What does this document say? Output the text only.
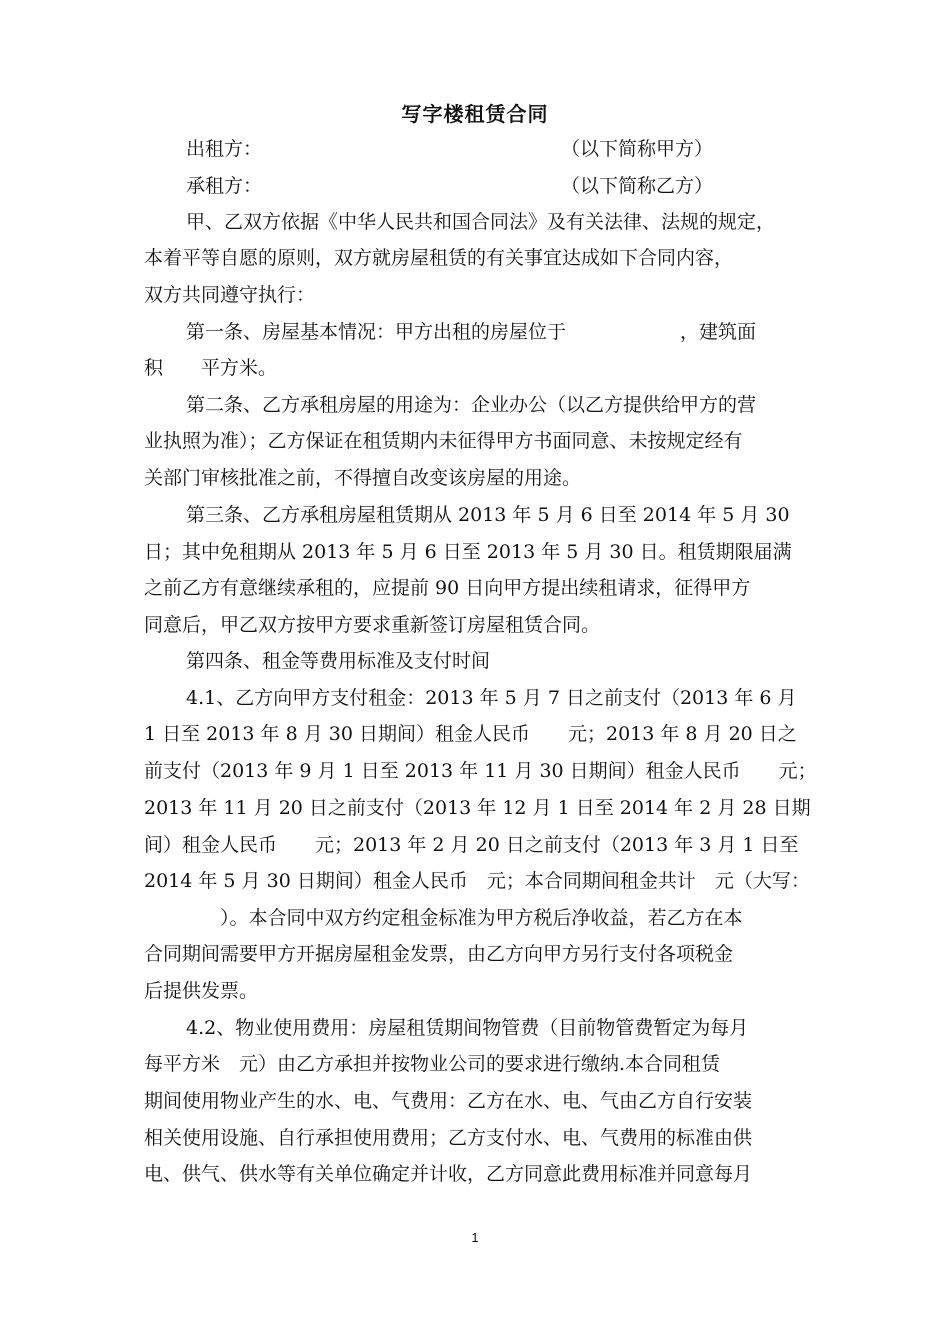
写字楼租赁合同
出租方：	（以下简称甲方）
承租方：	（以下简称乙方）
甲、乙双方依据《中华人民共和国合同法》及有关法律、法规的规定，
本着平等自愿的原则，双方就房屋租赁的有关事宜达成如下合同内容，
双方共同遵守执行：
第一条、房屋基本情况：甲方出租的房屋位于　　　　　　，建筑面
积　　平方米。
第二条、乙方承租房屋的用途为：企业办公（以乙方提供给甲方的营
业执照为准）；乙方保证在租赁期内未征得甲方书面同意、未按规定经有
关部门审核批准之前，不得擅自改变该房屋的用途。
第三条、乙方承租房屋租赁期从 2013 年 5 月 6 日至 2014 年 5 月 30
日；其中免租期从 2013 年 5 月 6 日至 2013 年 5 月 30 日。租赁期限届满
之前乙方有意继续承租的，应提前 90 日向甲方提出续租请求，征得甲方
同意后，甲乙双方按甲方要求重新签订房屋租赁合同。
第四条、租金等费用标准及支付时间
4.1、乙方向甲方支付租金：2013 年 5 月 7 日之前支付（2013 年 6 月
1 日至 2013 年 8 月 30 日期间）租金人民币　　元；2013 年 8 月 20 日之
前支付（2013 年 9 月 1 日至 2013 年 11 月 30 日期间）租金人民币　　元；
2013 年 11 月 20 日之前支付（2013 年 12 月 1 日至 2014 年 2 月 28 日期
间）租金人民币　　元；2013 年 2 月 20 日之前支付（2013 年 3 月 1 日至
2014 年 5 月 30 日期间）租金人民币　元；本合同期间租金共计　元（大写：
　　　　）。本合同中双方约定租金标准为甲方税后净收益，若乙方在本
合同期间需要甲方开据房屋租金发票，由乙方向甲方另行支付各项税金
后提供发票。
4.2、物业使用费用：房屋租赁期间物管费（目前物管费暂定为每月
每平方米　元）由乙方承担并按物业公司的要求进行缴纳.本合同租赁
期间使用物业产生的水、电、气费用：乙方在水、电、气由乙方自行安装
相关使用设施、自行承担使用费用；乙方支付水、电、气费用的标准由供
电、供气、供水等有关单位确定并计收，乙方同意此费用标准并同意每月
1
